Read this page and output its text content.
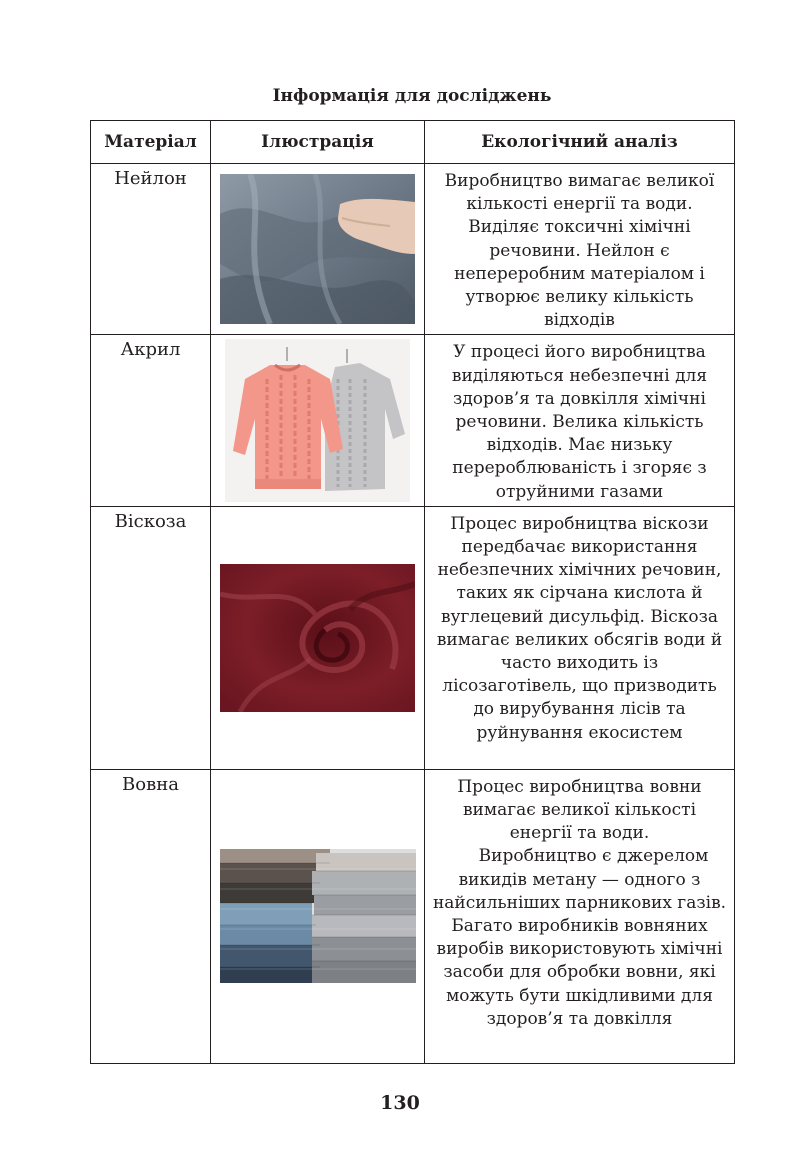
Інформація для досліджень
Матеріал	Ілюстрація	Екологічний аналіз
Нейлон		Виробництво вимагає великої кількості енергії та води. Виділяє токсичні хімічні речовини. Нейлон є непереробним матеріалом і утворює велику кількість відходів

Акрил		У процесі його виробництва виділяються небезпечні для здоров’я та довкілля хімічні речовини. Велика кількість відходів. Має низьку перероблюваність і згоряє з отруйними газами

Віскоза		Процес виробництва віскози передбачає використання небезпечних хімічних речовин, таких як сірчана кислота й вуглецевий дисульфід. Віскоза вимагає великих обсягів води й часто виходить із лісозаготівель, що призводить до вирубування лісів та руйнування екосистем

Вовна		Процес виробництва вовни вимагає великої кількості енергії та води.

Виробництво є джерелом викидів метану — одного з найсильніших парникових газів. Багато виробників вовняних виробів використовують хімічні засоби для обробки вовни, які можуть бути шкідливими для здоров’я та довкілля

130
